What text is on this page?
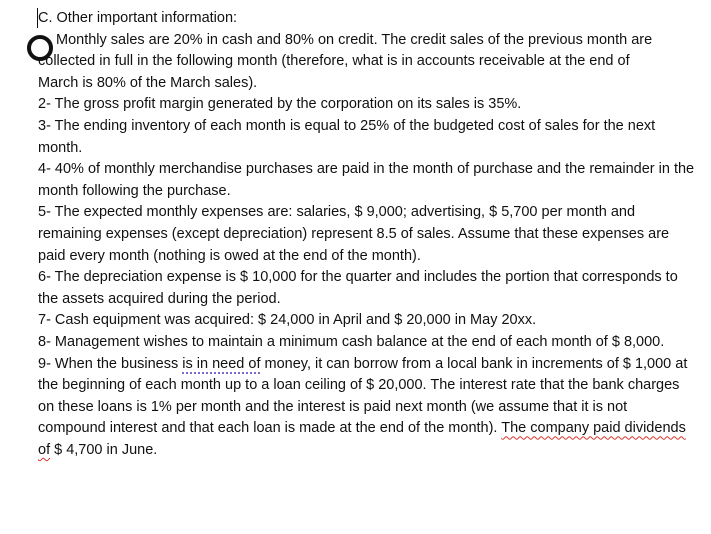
C. Other important information:

Monthly sales are 20% in cash and 80% on credit. The credit sales of the previous month are
collected in full in the following month (therefore, what is in accounts receivable at the end of
March is 80% of the March sales).

2- The gross profit margin generated by the corporation on its sales is 35%.

3- The ending inventory of each month is equal to 25% of the budgeted cost of sales for the next month.

4- 40% of monthly merchandise purchases are paid in the month of purchase and the remainder in the month following the purchase.

5- The expected monthly expenses are: salaries, $ 9,000; advertising, $ 5,700 per month and remaining expenses (except depreciation) represent 8.5 of sales. Assume that these expenses are paid every month (nothing is owed at the end of the month).

6- The depreciation expense is $ 10,000 for the quarter and includes the portion that corresponds to the assets acquired during the period.

7- Cash equipment was acquired: $ 24,000 in April and $ 20,000 in May 20xx.

8- Management wishes to maintain a minimum cash balance at the end of each month of $ 8,000.

9- When the business is in need of money, it can borrow from a local bank in increments of $ 1,000 at the beginning of each month up to a loan ceiling of $ 20,000. The interest rate that the bank charges on these loans is 1% per month and the interest is paid next month (we assume that it is not compound interest and that each loan is made at the end of the month). The company paid dividends of $ 4,700 in June.
